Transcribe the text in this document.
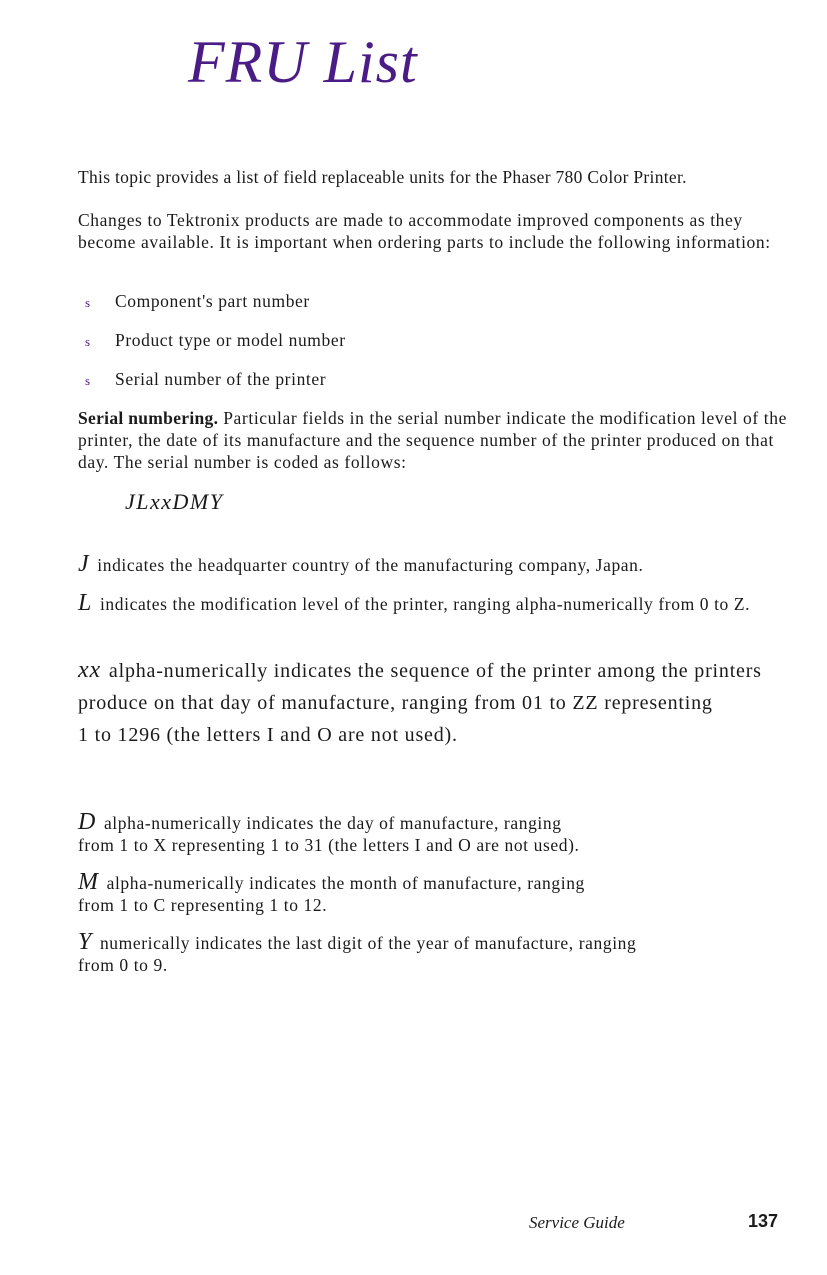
FRU List

This topic provides a list of field replaceable units for the Phaser 780 Color Printer.

Changes to Tektronix products are made to accommodate improved components as they become available. It is important when ordering parts to include the following information:

s Component's part number
s Product type or model number
s Serial number of the printer

Serial numbering. Particular fields in the serial number indicate the modification level of the printer, the date of its manufacture and the sequence number of the printer produced on that day. The serial number is coded as follows:

JLxxDMY

J indicates the headquarter country of the manufacturing company, Japan.

L indicates the modification level of the printer, ranging alpha-numerically from 0 to Z.

xx alpha-numerically indicates the sequence of the printer among the printers produce on that day of manufacture, ranging from 01 to ZZ representing
1 to 1296 (the letters I and O are not used).

D alpha-numerically indicates the day of manufacture, ranging
from 1 to X representing 1 to 31 (the letters I and O are not used).

M alpha-numerically indicates the month of manufacture, ranging
from 1 to C representing 1 to 12.

Y numerically indicates the last digit of the year of manufacture, ranging
from 0 to 9.

Service Guide	137
